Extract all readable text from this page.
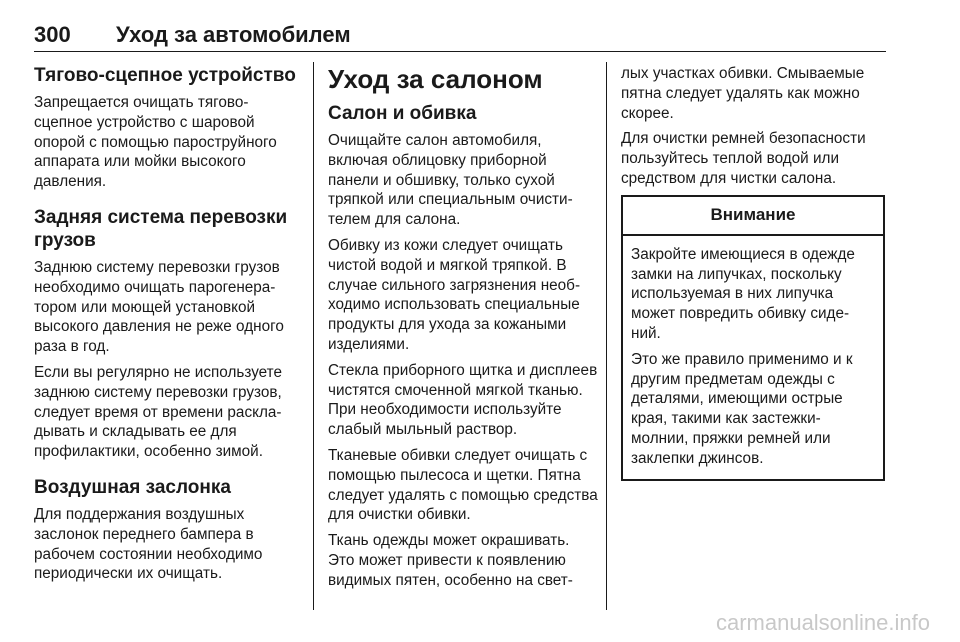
300 Уход за автомобилем
Тягово-сцепное устройство

Запрещается очищать тягово-сцепное устройство с шаровой опорой с помощью пароструйного аппарата или мойки высокого давления.

Задняя система перевозки грузов

Заднюю систему перевозки грузов необходимо очищать парогенера-тором или моющей установкой высокого давления не реже одного раза в год.

Если вы регулярно не используете заднюю систему перевозки грузов, следует время от времени раскла-дывать и складывать ее для профилактики, особенно зимой.

Воздушная заслонка

Для поддержания воздушных заслонок переднего бампера в рабочем состоянии необходимо периодически их очищать.

Уход за салоном
Салон и обивка

Очищайте салон автомобиля, включая облицовку приборной панели и обшивку, только сухой тряпкой или специальным очисти-телем для салона.

Обивку из кожи следует очищать чистой водой и мягкой тряпкой. В случае сильного загрязнения необ-ходимо использовать специальные продукты для ухода за кожаными изделиями.

Стекла приборного щитка и дисплеев чистятся смоченной мягкой тканью. При необходимости используйте слабый мыльный раствор.

Тканевые обивки следует очищать с помощью пылесоса и щетки. Пятна следует удалять с помощью средства для очистки обивки.

Ткань одежды может окрашивать. Это может привести к появлению видимых пятен, особенно на свет-

лых участках обивки. Смываемые пятна следует удалять как можно скорее.

Для очистки ремней безопасности пользуйтесь теплой водой или средством для чистки салона.

Внимание

Закройте имеющиеся в одежде замки на липучках, поскольку используемая в них липучка может повредить обивку сиде-ний.

Это же правило применимо и к другим предметам одежды с деталями, имеющими острые края, такими как застежки-молнии, пряжки ремней или заклепки джинсов.

carmanualsonline.info
